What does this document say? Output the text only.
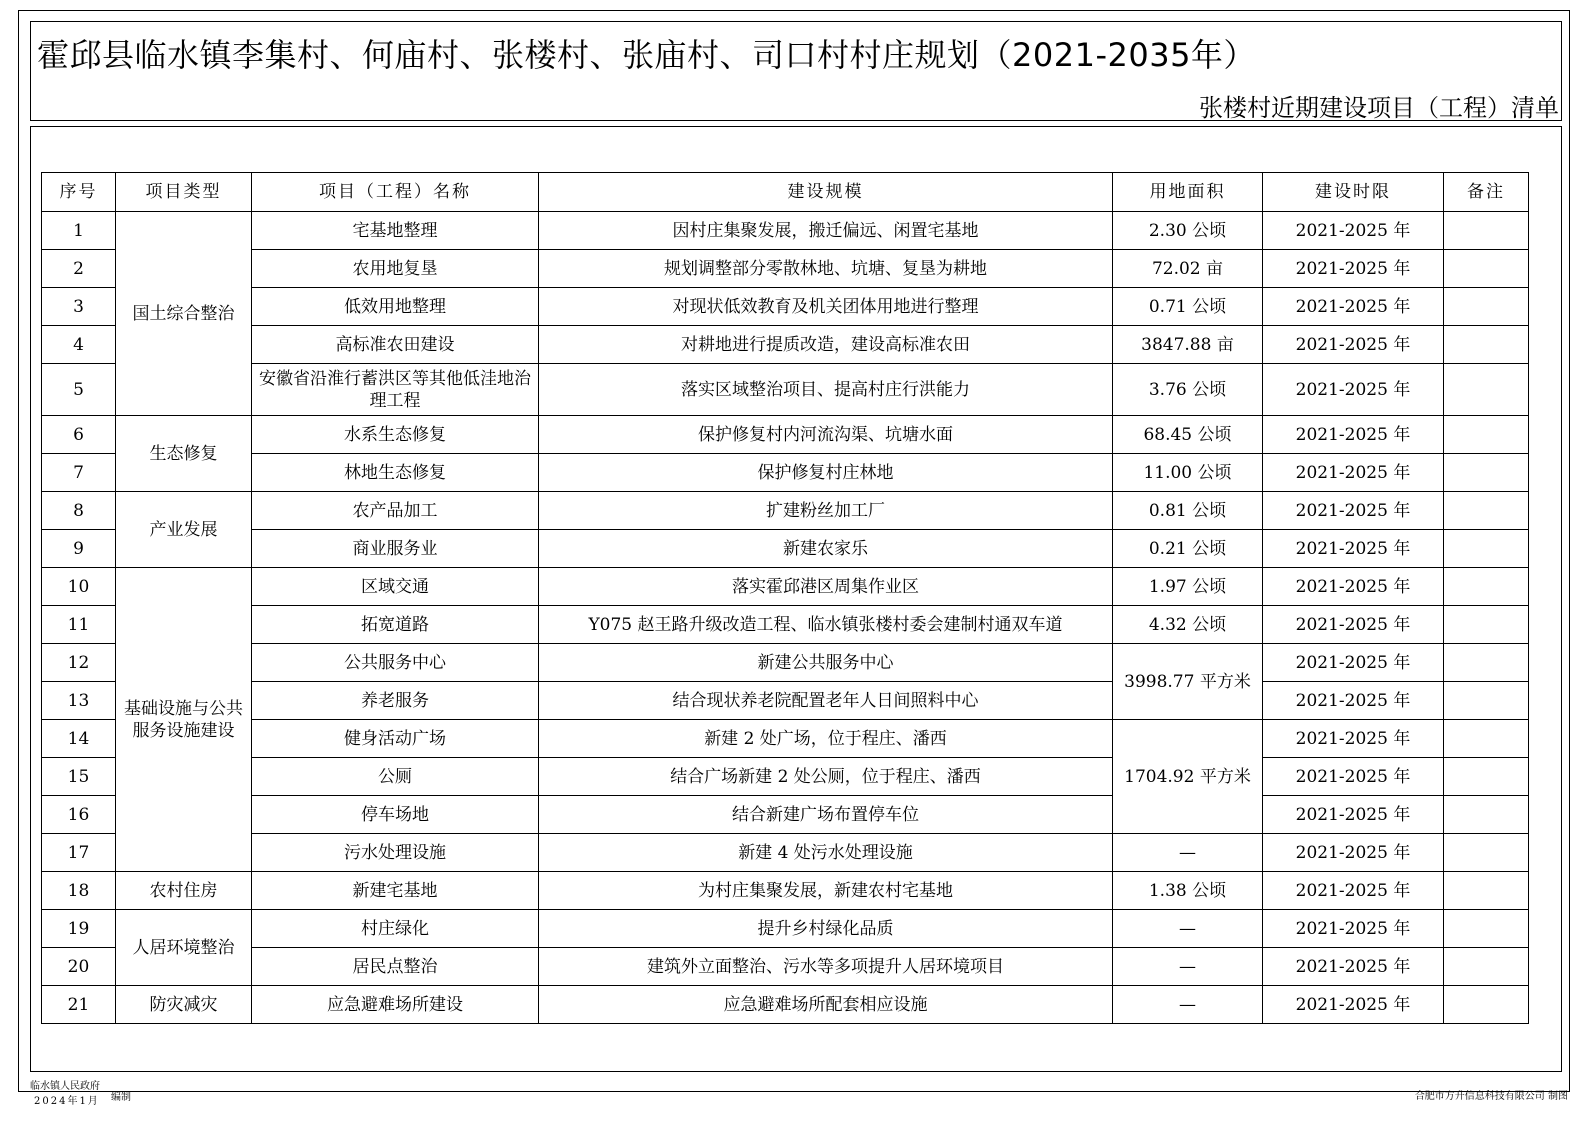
霍邱县临水镇李集村、何庙村、张楼村、张庙村、司口村村庄规划（2021-2035年）
张楼村近期建设项目（工程）清单
序号	项目类型	项目（工程）名称	建设规模	用地面积	建设时限	备注
1	国土综合整治	宅基地整理	因村庄集聚发展，搬迁偏远、闲置宅基地	2.30 公顷	2021-2025 年	
2		农用地复垦	规划调整部分零散林地、坑塘、复垦为耕地	72.02 亩	2021-2025 年	
3		低效用地整理	对现状低效教育及机关团体用地进行整理	0.71 公顷	2021-2025 年	
4		高标准农田建设	对耕地进行提质改造，建设高标准农田	3847.88 亩	2021-2025 年	
5		安徽省沿淮行蓄洪区等其他低洼地治理工程	落实区域整治项目、提高村庄行洪能力	3.76 公顷	2021-2025 年	
6	生态修复	水系生态修复	保护修复村内河流沟渠、坑塘水面	68.45 公顷	2021-2025 年	
7		林地生态修复	保护修复村庄林地	11.00 公顷	2021-2025 年	
8	产业发展	农产品加工	扩建粉丝加工厂	0.81 公顷	2021-2025 年	
9		商业服务业	新建农家乐	0.21 公顷	2021-2025 年	
10	基础设施与公共服务设施建设	区域交通	落实霍邱港区周集作业区	1.97 公顷	2021-2025 年	
11		拓宽道路	Y075 赵王路升级改造工程、临水镇张楼村委会建制村通双车道	4.32 公顷	2021-2025 年	
12		公共服务中心	新建公共服务中心	3998.77 平方米	2021-2025 年	
13		养老服务	结合现状养老院配置老年人日间照料中心		2021-2025 年	
14		健身活动广场	新建 2 处广场，位于程庄、潘西	1704.92 平方米	2021-2025 年	
15		公厕	结合广场新建 2 处公厕，位于程庄、潘西		2021-2025 年	
16		停车场地	结合新建广场布置停车位		2021-2025 年	
17		污水处理设施	新建 4 处污水处理设施	—	2021-2025 年	
18	农村住房	新建宅基地	为村庄集聚发展，新建农村宅基地	1.38 公顷	2021-2025 年	
19	人居环境整治	村庄绿化	提升乡村绿化品质	—	2021-2025 年	
20		居民点整治	建筑外立面整治、污水等多项提升人居环境项目	—	2021-2025 年	
21	防灾减灾	应急避难场所建设	应急避难场所配套相应设施	—	2021-2025 年	
临水镇人民政府
2024年1月 编制	合肥市方升信息科技有限公司 制图
